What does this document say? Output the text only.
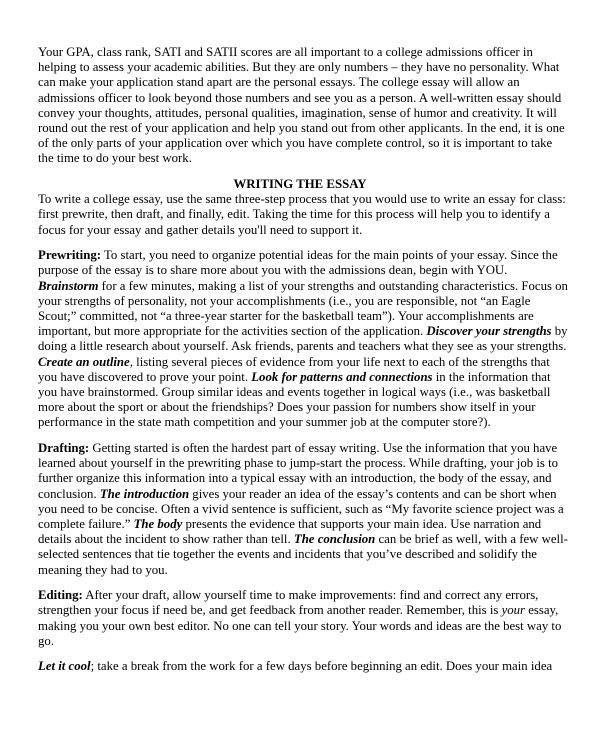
Your GPA, class rank, SATI and SATII scores are all important to a college admissions officer in
helping to assess your academic abilities. But they are only numbers – they have no personality. What
can make your application stand apart are the personal essays. The college essay will allow an
admissions officer to look beyond those numbers and see you as a person. A well-written essay should
convey your thoughts, attitudes, personal qualities, imagination, sense of humor and creativity. It will
round out the rest of your application and help you stand out from other applicants. In the end, it is one
of the only parts of your application over which you have complete control, so it is important to take
the time to do your best work.
WRITING THE ESSAY
To write a college essay, use the same three-step process that you would use to write an essay for class:
first prewrite, then draft, and finally, edit. Taking the time for this process will help you to identify a
focus for your essay and gather details you'll need to support it.
Prewriting: To start, you need to organize potential ideas for the main points of your essay. Since the
purpose of the essay is to share more about you with the admissions dean, begin with YOU.
Brainstorm for a few minutes, making a list of your strengths and outstanding characteristics. Focus on
your strengths of personality, not your accomplishments (i.e., you are responsible, not “an Eagle
Scout;” committed, not “a three-year starter for the basketball team”). Your accomplishments are
important, but more appropriate for the activities section of the application. Discover your strengths by
doing a little research about yourself. Ask friends, parents and teachers what they see as your strengths.
Create an outline, listing several pieces of evidence from your life next to each of the strengths that
you have discovered to prove your point. Look for patterns and connections in the information that
you have brainstormed. Group similar ideas and events together in logical ways (i.e., was basketball
more about the sport or about the friendships? Does your passion for numbers show itself in your
performance in the state math competition and your summer job at the computer store?).
Drafting: Getting started is often the hardest part of essay writing. Use the information that you have
learned about yourself in the prewriting phase to jump-start the process. While drafting, your job is to
further organize this information into a typical essay with an introduction, the body of the essay, and
conclusion. The introduction gives your reader an idea of the essay’s contents and can be short when
you need to be concise. Often a vivid sentence is sufficient, such as “My favorite science project was a
complete failure.” The body presents the evidence that supports your main idea. Use narration and
details about the incident to show rather than tell. The conclusion can be brief as well, with a few well-
selected sentences that tie together the events and incidents that you’ve described and solidify the
meaning they had to you.
Editing: After your draft, allow yourself time to make improvements: find and correct any errors,
strengthen your focus if need be, and get feedback from another reader. Remember, this is your essay,
making you your own best editor. No one can tell your story. Your words and ideas are the best way to
go.
Let it cool; take a break from the work for a few days before beginning an edit. Does your main idea
